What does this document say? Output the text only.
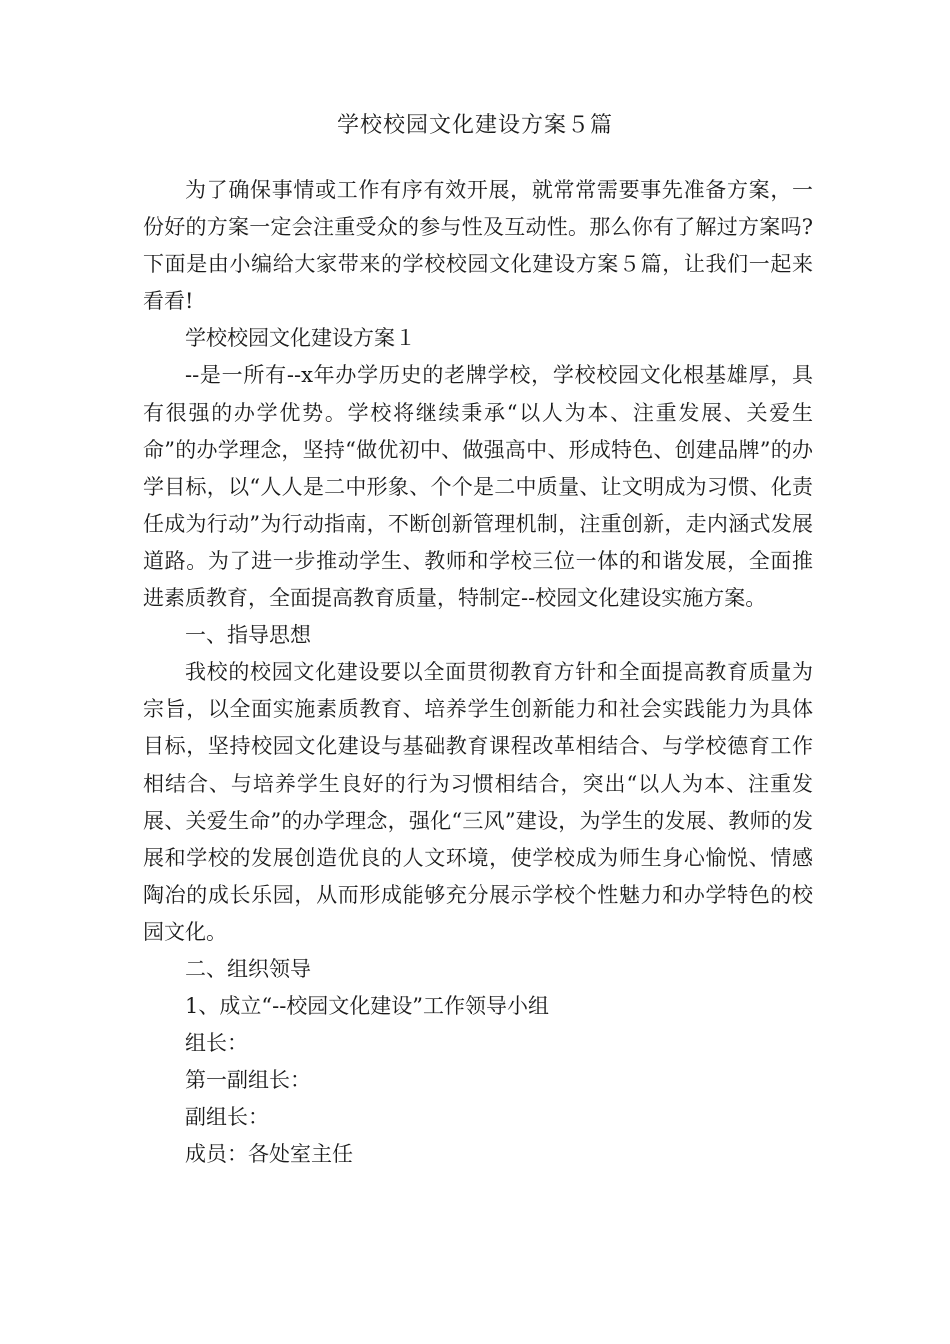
学校校园文化建设方案５篇

为了确保事情或工作有序有效开展，就常常需要事先准备方案，一份好的方案一定会注重受众的参与性及互动性。那么你有了解过方案吗?下面是由小编给大家带来的学校校园文化建设方案５篇，让我们一起来看看!

学校校园文化建设方案１

--是一所有--x年办学历史的老牌学校，学校校园文化根基雄厚，具有很强的办学优势。学校将继续秉承“以人为本、注重发展、关爱生命”的办学理念，坚持“做优初中、做强高中、形成特色、创建品牌”的办学目标，以“人人是二中形象、个个是二中质量、让文明成为习惯、化责任成为行动”为行动指南，不断创新管理机制，注重创新，走内涵式发展道路。为了进一步推动学生、教师和学校三位一体的和谐发展，全面推进素质教育，全面提高教育质量，特制定--校园文化建设实施方案。

一、指导思想

我校的校园文化建设要以全面贯彻教育方针和全面提高教育质量为宗旨，以全面实施素质教育、培养学生创新能力和社会实践能力为具体目标，坚持校园文化建设与基础教育课程改革相结合、与学校德育工作相结合、与培养学生良好的行为习惯相结合，突出“以人为本、注重发展、关爱生命”的办学理念，强化“三风”建设，为学生的发展、教师的发展和学校的发展创造优良的人文环境，使学校成为师生身心愉悦、情感陶冶的成长乐园，从而形成能够充分展示学校个性魅力和办学特色的校园文化。

二、组织领导

1、成立“--校园文化建设”工作领导小组

组长：

第一副组长：

副组长：

成员：各处室主任
